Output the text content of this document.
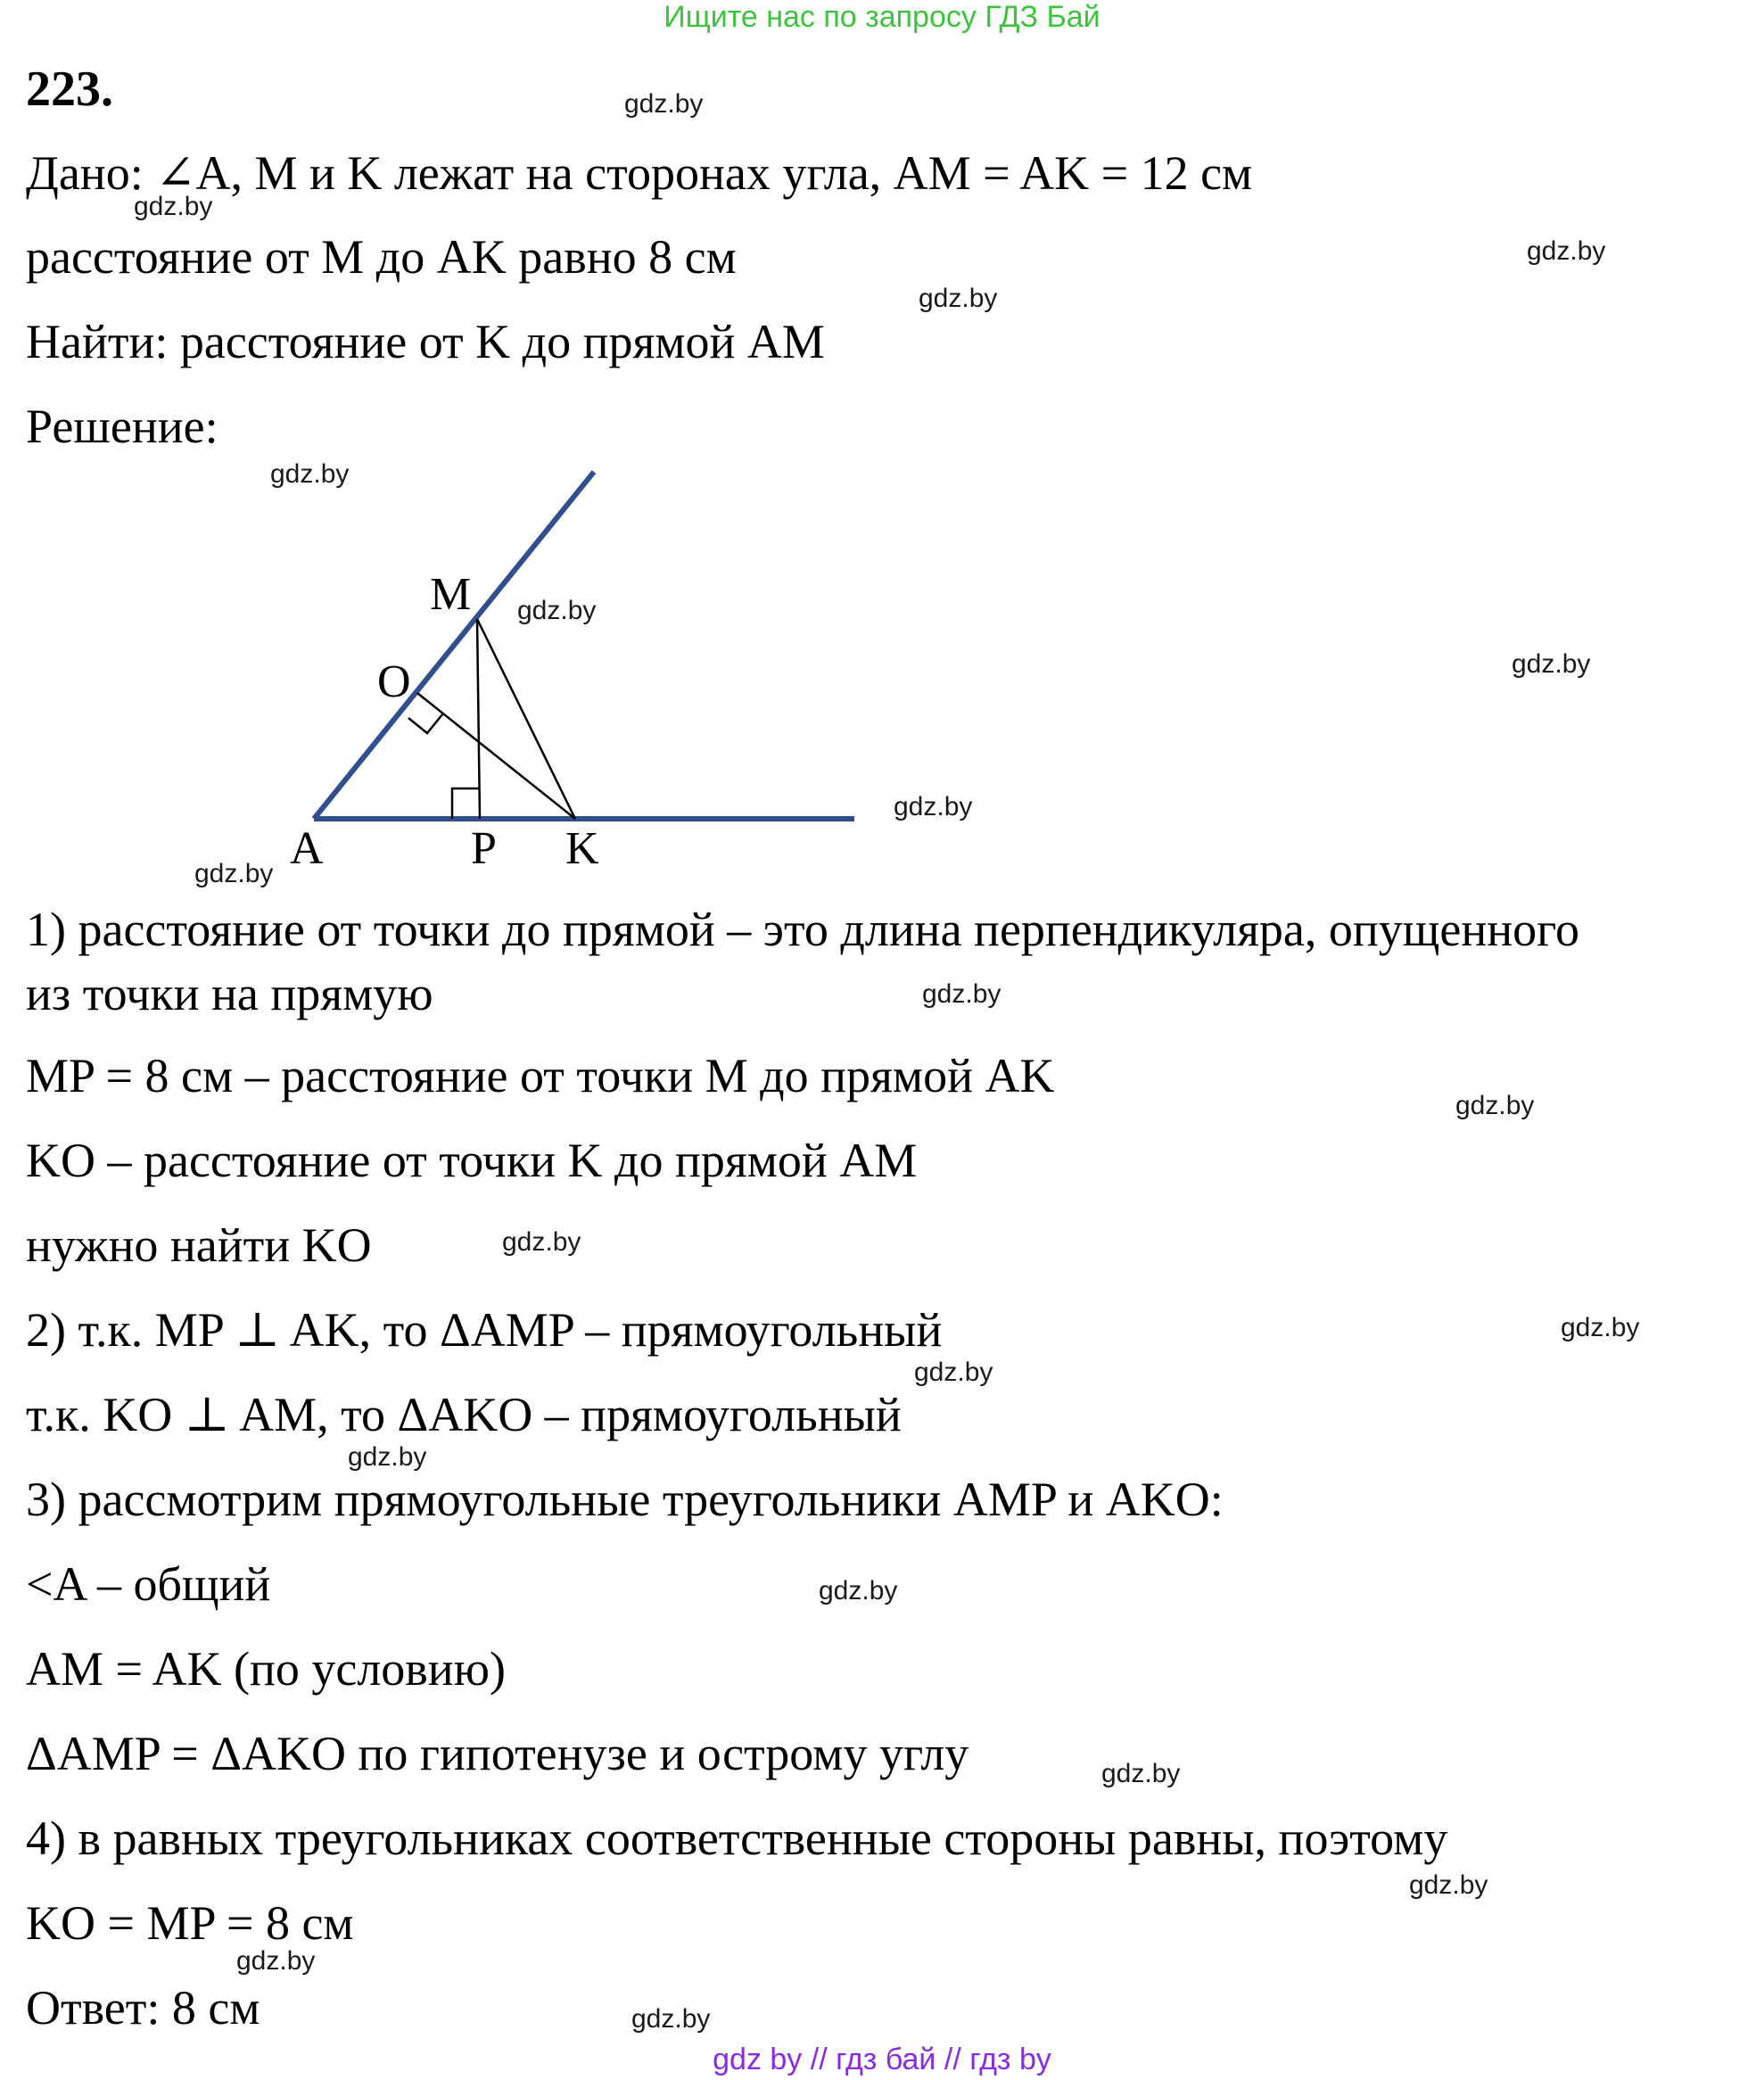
Ищите нас по запросу ГДЗ Бай
223.
Дано: ∠A, M и K лежат на сторонах угла, AM = AK = 12 см
расстояние от M до AK равно 8 см
Найти: расстояние от K до прямой AM
Решение:
A
M
O
P K
1) расстояние от точки до прямой – это длина перпендикуляра, опущенного
из точки на прямую
MP = 8 см – расстояние от точки M до прямой AK
KO – расстояние от точки K до прямой AM
нужно найти KO
2) т.к. MP ⊥ AK, то ΔAMP – прямоугольный
т.к. KO ⊥ AM, то ΔAKO – прямоугольный
3) рассмотрим прямоугольные треугольники AMP и AKO:
<A – общий
AM = AK (по условию)
ΔAMP = ΔAKO по гипотенузе и острому углу
4) в равных треугольниках соответственные стороны равны, поэтому
KO = MP = 8 см
Ответ: 8 см
gdz.by
gdz.by
gdz.by
gdz.by
gdz.by
gdz.by
gdz.by
gdz.by
gdz.by
gdz.by
gdz.by
gdz.by
gdz.by
gdz.by
gdz.by
gdz.by
gdz.by
gdz.by
gdz.by
gdz.by
gdz by // гдз бай // гдз by
